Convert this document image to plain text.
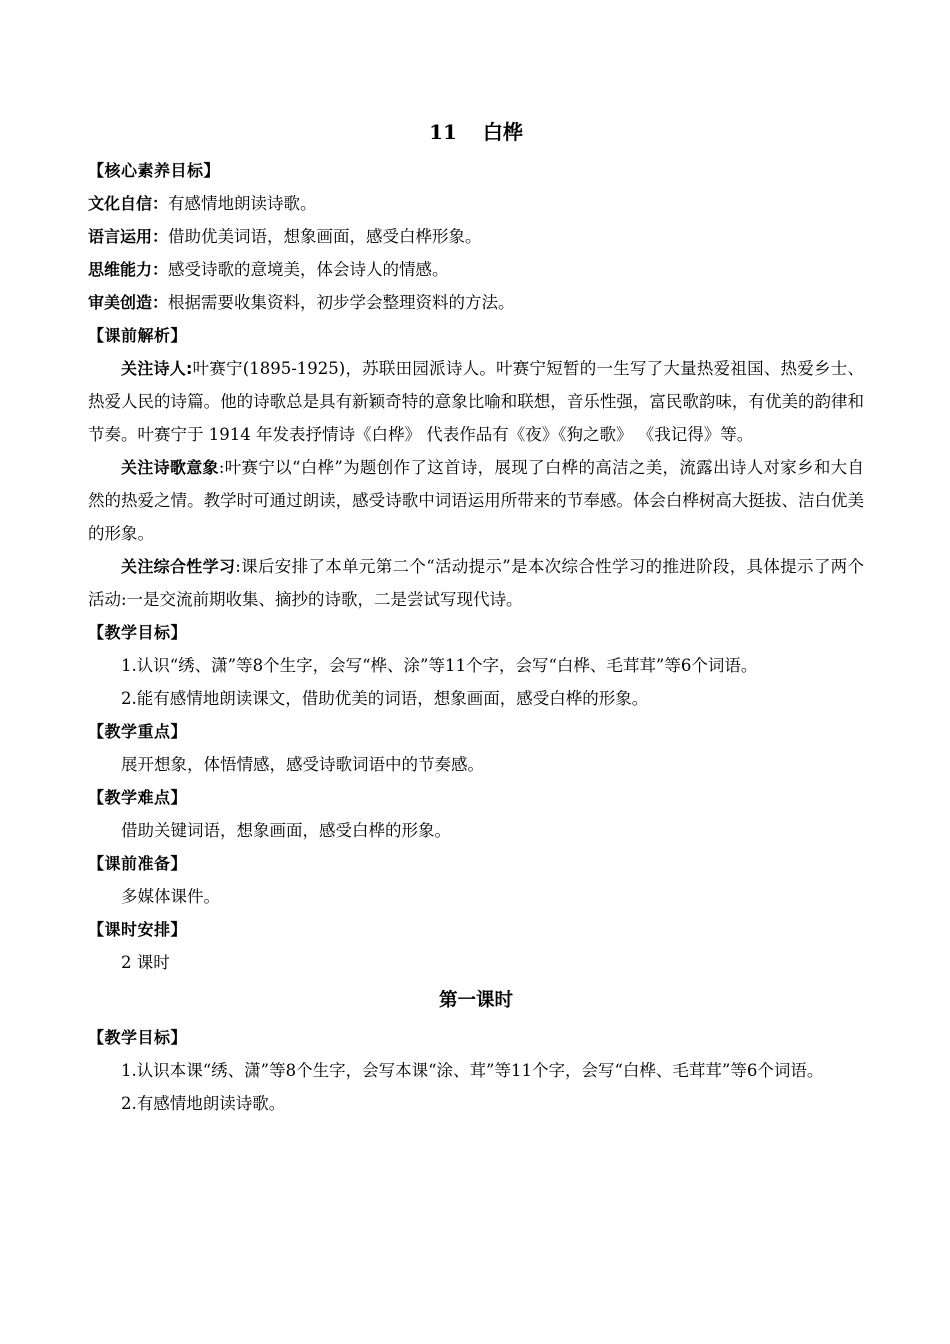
11 白桦
【核心素养目标】
文化自信：有感情地朗读诗歌。
语言运用：借助优美词语，想象画面，感受白桦形象。
思维能力：感受诗歌的意境美，体会诗人的情感。
审美创造：根据需要收集资料，初步学会整理资料的方法。
【课前解析】

关注诗人:叶赛宁(1895-1925)，苏联田园派诗人。叶赛宁短暂的一生写了大量热爱祖国、热爱乡士、热爱人民的诗篇。他的诗歌总是具有新颖奇特的意象比喻和联想，音乐性强，富民歌韵味，有优美的韵律和节奏。叶赛宁于 1914 年发表抒情诗《白桦》 代表作品有《夜》《狗之歌》 《我记得》等。

关注诗歌意象:叶赛宁以“白桦”为题创作了这首诗，展现了白桦的高洁之美，流露出诗人对家乡和大自然的热爱之情。教学时可通过朗读，感受诗歌中词语运用所带来的节奉感。体会白桦树高大挺拔、洁白优美的形象。

关注综合性学习:课后安排了本单元第二个“活动提示”是本次综合性学习的推进阶段，具体提示了两个活动:一是交流前期收集、摘抄的诗歌，二是尝试写现代诗。

【教学目标】

1.认识“绣、潇”等8个生字，会写“桦、涂”等11个字，会写“白桦、毛茸茸”等6个词语。

2.能有感情地朗读课文，借助优美的词语，想象画面，感受白桦的形象。

【教学重点】

展开想象，体悟情感，感受诗歌词语中的节奏感。

【教学难点】

借助关键词语，想象画面，感受白桦的形象。

【课前准备】

多媒体课件。

【课时安排】

2 课时

第一课时
【教学目标】

1.认识本课“绣、潇”等8个生字，会写本课“涂、茸”等11个字，会写“白桦、毛茸茸”等6个词语。

2.有感情地朗读诗歌。
